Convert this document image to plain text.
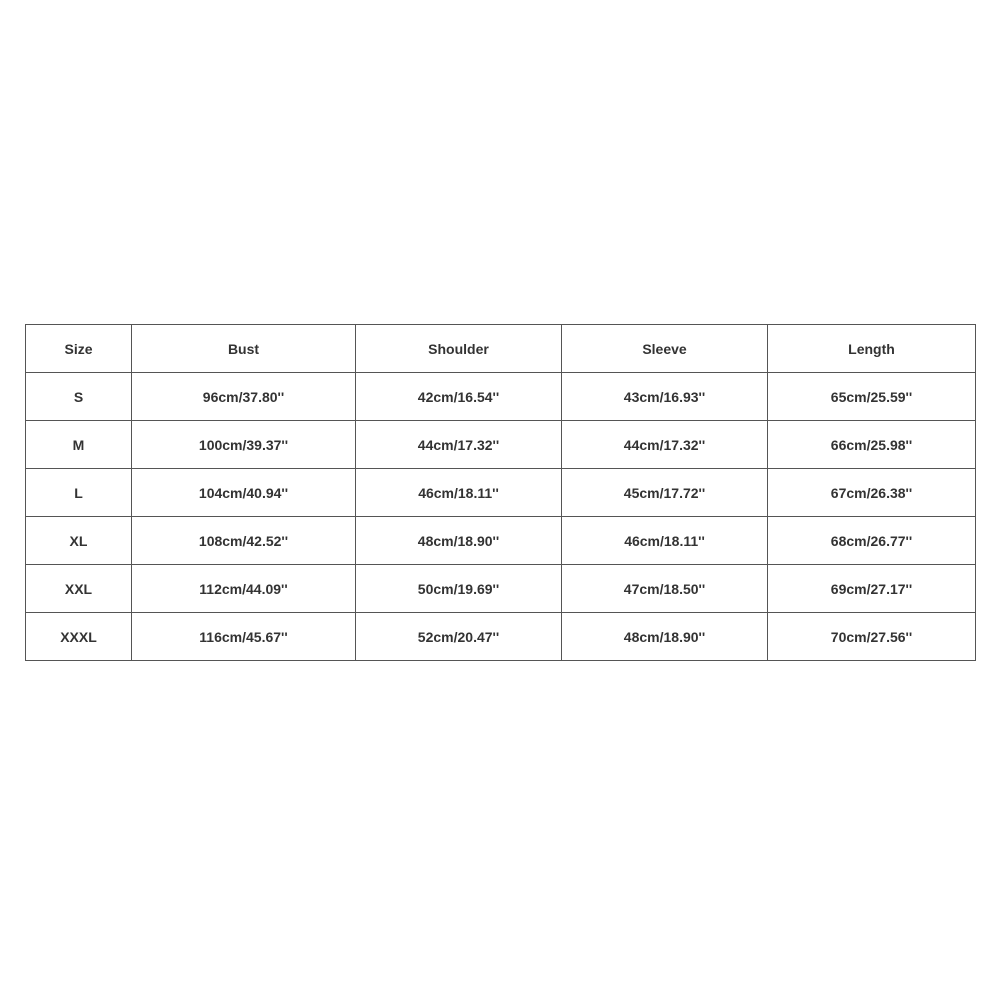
Size	Bust	Shoulder	Sleeve	Length
S	96cm/37.80''	42cm/16.54''	43cm/16.93''	65cm/25.59''
M	100cm/39.37''	44cm/17.32''	44cm/17.32''	66cm/25.98''
L	104cm/40.94''	46cm/18.11''	45cm/17.72''	67cm/26.38''
XL	108cm/42.52''	48cm/18.90''	46cm/18.11''	68cm/26.77''
XXL	112cm/44.09''	50cm/19.69''	47cm/18.50''	69cm/27.17''
XXXL	116cm/45.67''	52cm/20.47''	48cm/18.90''	70cm/27.56''
